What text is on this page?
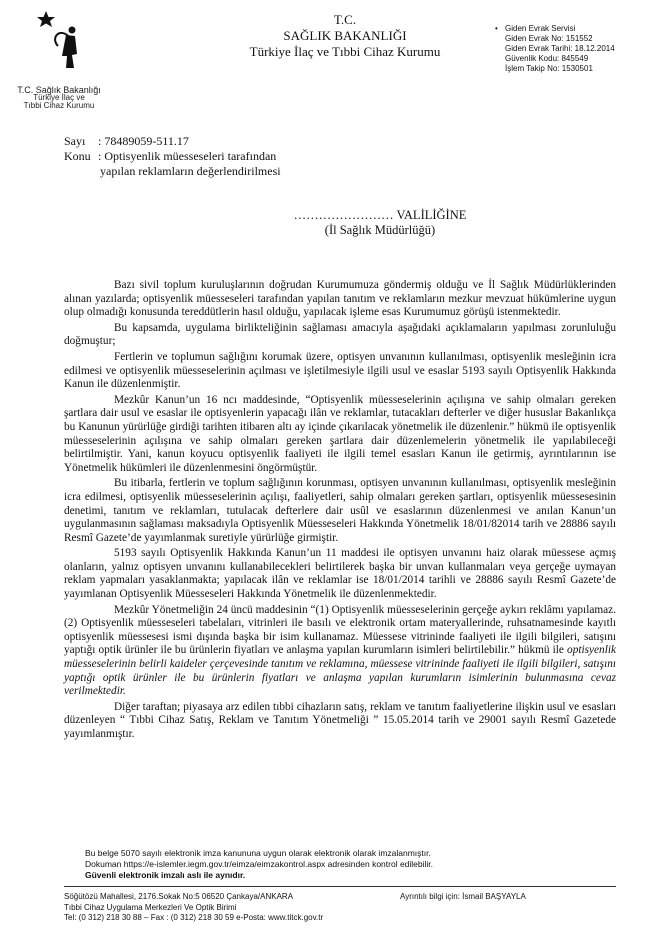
T.C. Sağlık Bakanlığı
Türkiye İlaç ve
Tıbbi Cihaz Kurumu
T.C.
SAĞLIK BAKANLIĞI
Türkiye İlaç ve Tıbbi Cihaz Kurumu
• Giden Evrak Servisi
Giden Evrak No: 151552
Giden Evrak Tarihi: 18.12.2014
Güvenlik Kodu: 845549
İşlem Takip No: 1530501
Sayı : 78489059-511.17
Konu : Optisyenlik müesseseleri tarafından
yapılan reklamların değerlendirilmesi
…………………… VALİLİĞİNE
(İl Sağlık Müdürlüğü)

Bazı sivil toplum kuruluşlarının doğrudan Kurumumuza göndermiş olduğu ve İl Sağlık Müdürlüklerinden alınan yazılarda; optisyenlik müesseseleri tarafından yapılan tanıtım ve reklamların mezkur mevzuat hükümlerine uygun olup olmadığı konusunda tereddütlerin hasıl olduğu, yapılacak işleme esas Kurumumuz görüşü istenmektedir.

Bu kapsamda, uygulama birlikteliğinin sağlaması amacıyla aşağıdaki açıklamaların yapılması zorunluluğu doğmuştur;

Fertlerin ve toplumun sağlığını korumak üzere, optisyen unvanının kullanılması, optisyenlik mesleğinin icra edilmesi ve optisyenlik müesseselerinin açılması ve işletilmesiyle ilgili usul ve esaslar 5193 sayılı Optisyenlik Hakkında Kanun ile düzenlenmiştir.

Mezkûr Kanun’un 16 ncı maddesinde, “Optisyenlik müesseselerinin açılışına ve sahip olmaları gereken şartlara dair usul ve esaslar ile optisyenlerin yapacağı ilân ve reklamlar, tutacakları defterler ve diğer hususlar Bakanlıkça bu Kanunun yürürlüğe girdiği tarihten itibaren altı ay içinde çıkarılacak yönetmelik ile düzenlenir.” hükmü ile optisyenlik müesseselerinin açılışına ve sahip olmaları gereken şartlara dair düzenlemelerin yönetmelik ile yapılabileceği belirtilmiştir. Yani, kanun koyucu optisyenlik faaliyeti ile ilgili temel esasları Kanun ile getirmiş, ayrıntılarının ise Yönetmelik hükümleri ile düzenlenmesini öngörmüştür.

Bu itibarla, fertlerin ve toplum sağlığının korunması, optisyen unvanının kullanılması, optisyenlik mesleğinin icra edilmesi, optisyenlik müesseselerinin açılışı, faaliyetleri, sahip olmaları gereken şartları, optisyenlik müessesesinin denetimi, tanıtım ve reklamları, tutulacak defterlere dair usûl ve esaslarının düzenlenmesi ve anılan Kanun’un uygulanmasının sağlaması maksadıyla Optisyenlik Müesseseleri Hakkında Yönetmelik 18/01/82014 tarih ve 28886 sayılı Resmî Gazete’de yayımlanmak suretiyle yürürlüğe girmiştir.

5193 sayılı Optisyenlik Hakkında Kanun’un 11 maddesi ile optisyen unvanını haiz olarak müessese açmış olanların, yalnız optisyen unvanını kullanabilecekleri belirtilerek başka bir unvan kullanmaları veya gerçeğe uymayan reklam yapmaları yasaklanmakta; yapılacak ilân ve reklamlar ise 18/01/2014 tarihli ve 28886 sayılı Resmî Gazete’de yayımlanan Optisyenlik Müesseseleri Hakkında Yönetmelik ile düzenlenmektedir.

Mezkûr Yönetmeliğin 24 üncü maddesinin “(1) Optisyenlik müesseselerinin gerçeğe aykırı reklâmı yapılamaz. (2) Optisyenlik müesseseleri tabelaları, vitrinleri ile basılı ve elektronik ortam materyallerinde, ruhsatnamesinde kayıtlı optisyenlik müessesesi ismi dışında başka bir isim kullanamaz. Müessese vitrininde faaliyeti ile ilgili bilgileri, satışını yaptığı optik ürünler ile bu ürünlerin fiyatları ve anlaşma yapılan kurumların isimleri belirtilebilir.” hükmü ile optisyenlik müesseselerinin belirli kaideler çerçevesinde tanıtım ve reklamına, müessese vitrininde faaliyeti ile ilgili bilgileri, satışını yaptığı optik ürünler ile bu ürünlerin fiyatları ve anlaşma yapılan kurumların isimlerinin bulunmasına cevaz verilmektedir.

Diğer taraftan; piyasaya arz edilen tıbbi cihazların satış, reklam ve tanıtım faaliyetlerine ilişkin usul ve esasları düzenleyen “ Tıbbi Cihaz Satış, Reklam ve Tanıtım Yönetmeliği ” 15.05.2014 tarih ve 29001 sayılı Resmî Gazetede yayımlanmıştır.

Bu belge 5070 sayılı elektronik imza kanununa uygun olarak elektronik olarak imzalanmıştır.
Dokuman https://e-islemler.iegm.gov.tr/eimza/eimzakontrol.aspx adresinden kontrol edilebilir.
Güvenli elektronik imzalı aslı ile aynıdır.
Söğütözü Mahallesi, 2176.Sokak No:5 06520 Çankaya/ANKARA
Tıbbi Cihaz Uygulama Merkezleri Ve Optik Birimi
Tel: (0 312) 218 30 88 – Fax : (0 312) 218 30 59 e-Posta: www.titck.gov.tr
Ayrıntılı bilgi için: İsmail BAŞYAYLA
